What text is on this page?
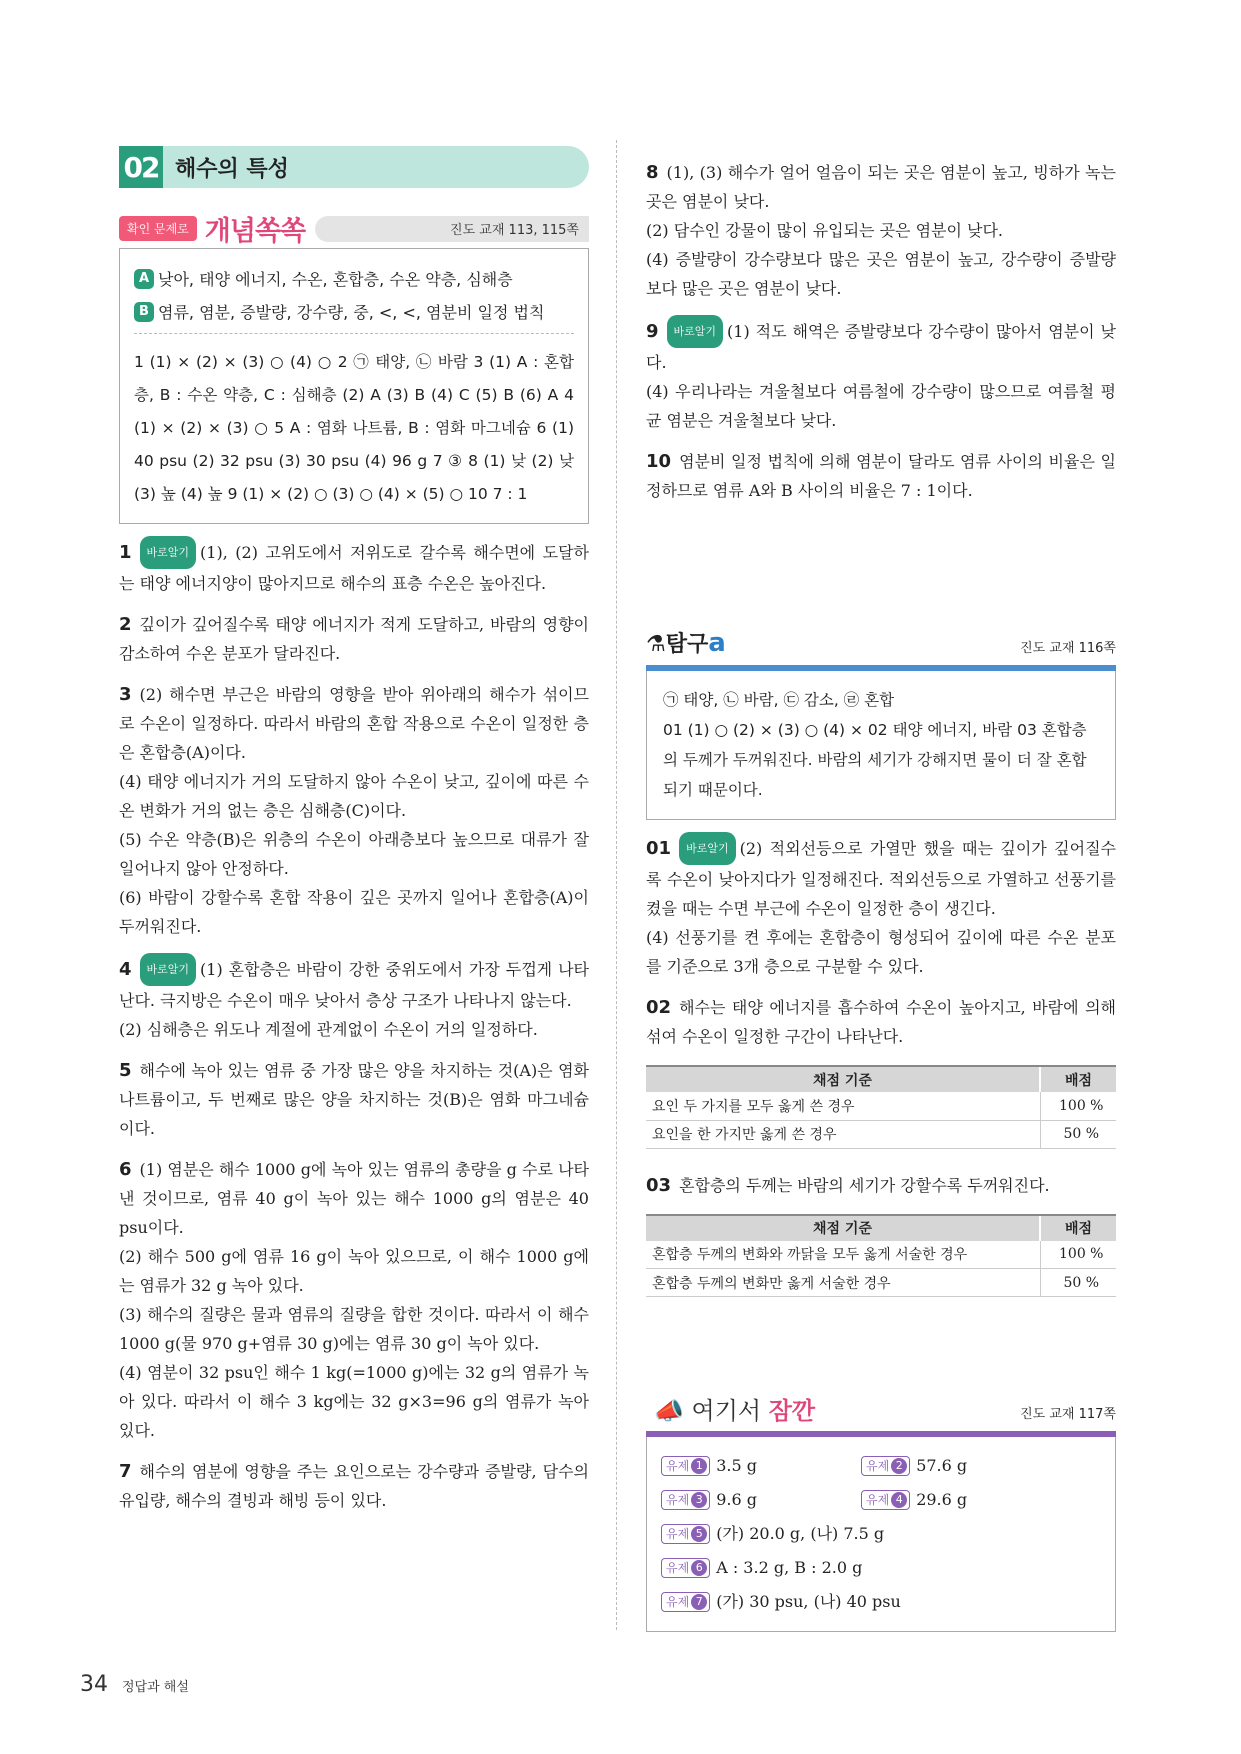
02 해수의 특성
확인 문제로 개념쏙쏙	진도 교재 113, 115쪽
A 낮아, 태양 에너지, 수온, 혼합층, 수온 약층, 심해층
B 염류, 염분, 증발량, 강수량, 중, <, <, 염분비 일정 법칙
1 (1) × (2) × (3) ○ (4) ○ 2 ㉠ 태양, ㉡ 바람 3 (1) A : 혼합층, B : 수온 약층, C : 심해층 (2) A (3) B (4) C (5) B (6) A 4 (1) × (2) × (3) ○ 5 A : 염화 나트륨, B : 염화 마그네슘 6 (1) 40 psu (2) 32 psu (3) 30 psu (4) 96 g 7 ③ 8 (1) 낮 (2) 낮 (3) 높 (4) 높 9 (1) × (2) ○ (3) ○ (4) × (5) ○ 10 7 : 1
1 바로알기 (1), (2) 고위도에서 저위도로 갈수록 해수면에 도달하는 태양 에너지양이 많아지므로 해수의 표층 수온은 높아진다.
2 깊이가 깊어질수록 태양 에너지가 적게 도달하고, 바람의 영향이 감소하여 수온 분포가 달라진다.
3 (2) 해수면 부근은 바람의 영향을 받아 위아래의 해수가 섞이므로 수온이 일정하다. 따라서 바람의 혼합 작용으로 수온이 일정한 층은 혼합층(A)이다.
(4) 태양 에너지가 거의 도달하지 않아 수온이 낮고, 깊이에 따른 수온 변화가 거의 없는 층은 심해층(C)이다.
(5) 수온 약층(B)은 위층의 수온이 아래층보다 높으므로 대류가 잘 일어나지 않아 안정하다.
(6) 바람이 강할수록 혼합 작용이 깊은 곳까지 일어나 혼합층(A)이 두꺼워진다.
4 바로알기 (1) 혼합층은 바람이 강한 중위도에서 가장 두껍게 나타난다. 극지방은 수온이 매우 낮아서 층상 구조가 나타나지 않는다.
(2) 심해층은 위도나 계절에 관계없이 수온이 거의 일정하다.
5 해수에 녹아 있는 염류 중 가장 많은 양을 차지하는 것(A)은 염화 나트륨이고, 두 번째로 많은 양을 차지하는 것(B)은 염화 마그네슘이다.
6 (1) 염분은 해수 1000 g에 녹아 있는 염류의 총량을 g 수로 나타낸 것이므로, 염류 40 g이 녹아 있는 해수 1000 g의 염분은 40 psu이다.
(2) 해수 500 g에 염류 16 g이 녹아 있으므로, 이 해수 1000 g에는 염류가 32 g 녹아 있다.
(3) 해수의 질량은 물과 염류의 질량을 합한 것이다. 따라서 이 해수 1000 g(물 970 g+염류 30 g)에는 염류 30 g이 녹아 있다.
(4) 염분이 32 psu인 해수 1 kg(=1000 g)에는 32 g의 염류가 녹아 있다. 따라서 이 해수 3 kg에는 32 g×3=96 g의 염류가 녹아 있다.
7 해수의 염분에 영향을 주는 요인으로는 강수량과 증발량, 담수의 유입량, 해수의 결빙과 해빙 등이 있다.
8 (1), (3) 해수가 얼어 얼음이 되는 곳은 염분이 높고, 빙하가 녹는 곳은 염분이 낮다.
(2) 담수인 강물이 많이 유입되는 곳은 염분이 낮다.
(4) 증발량이 강수량보다 많은 곳은 염분이 높고, 강수량이 증발량보다 많은 곳은 염분이 낮다.
9 바로알기 (1) 적도 해역은 증발량보다 강수량이 많아서 염분이 낮다.
(4) 우리나라는 겨울철보다 여름철에 강수량이 많으므로 여름철 평균 염분은 겨울철보다 낮다.
10 염분비 일정 법칙에 의해 염분이 달라도 염류 사이의 비율은 일정하므로 염류 A와 B 사이의 비율은 7 : 1이다.
⚗탐구a	진도 교재 116쪽
㉠ 태양, ㉡ 바람, ㉢ 감소, ㉣ 혼합
01 (1) ○ (2) × (3) ○ (4) × 02 태양 에너지, 바람 03 혼합층의 두께가 두꺼워진다. 바람의 세기가 강해지면 물이 더 잘 혼합되기 때문이다.
01 바로알기 (2) 적외선등으로 가열만 했을 때는 깊이가 깊어질수록 수온이 낮아지다가 일정해진다. 적외선등으로 가열하고 선풍기를 켰을 때는 수면 부근에 수온이 일정한 층이 생긴다.
(4) 선풍기를 켠 후에는 혼합층이 형성되어 깊이에 따른 수온 분포를 기준으로 3개 층으로 구분할 수 있다.
02 해수는 태양 에너지를 흡수하여 수온이 높아지고, 바람에 의해 섞여 수온이 일정한 구간이 나타난다.
채점 기준	배점
요인 두 가지를 모두 옳게 쓴 경우	100 %
요인을 한 가지만 옳게 쓴 경우	50 %
03 혼합층의 두께는 바람의 세기가 강할수록 두꺼워진다.
채점 기준	배점
혼합층 두께의 변화와 까닭을 모두 옳게 서술한 경우	100 %
혼합층 두께의 변화만 옳게 서술한 경우	50 %
📣 여기서 잠깐	진도 교재 117쪽
유제 1 3.5 g	유제 2 57.6 g
유제 3 9.6 g	유제 4 29.6 g
유제 5 (가) 20.0 g, (나) 7.5 g
유제 6 A : 3.2 g, B : 2.0 g
유제 7 (가) 30 psu, (나) 40 psu
34 정답과 해설
